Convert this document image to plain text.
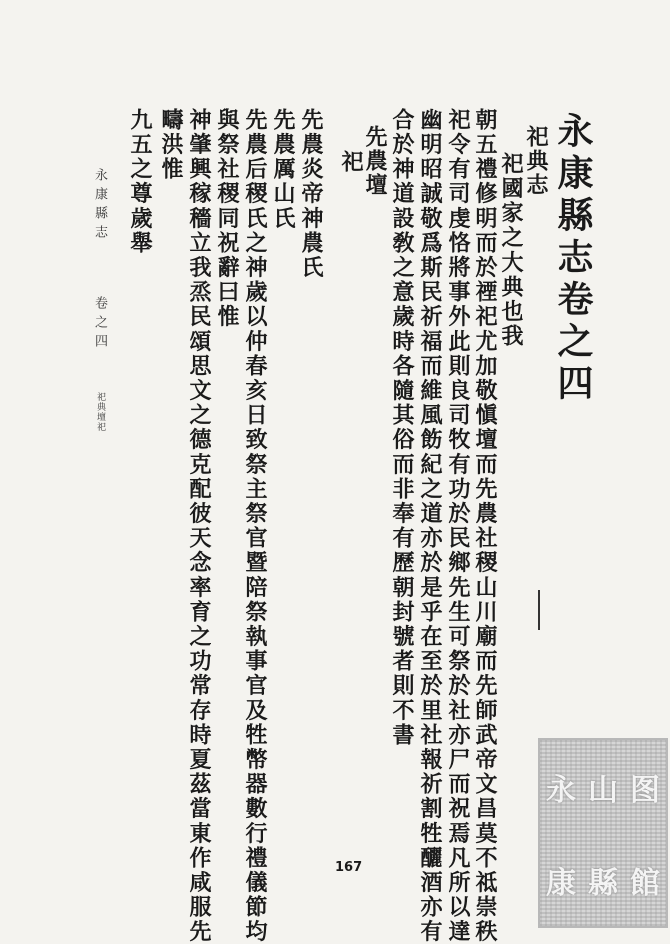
永康縣志卷之四
祀典志
祀國家之大典也我
朝五禮修明而於禋祀尤加敬愼壇而先農社稷山川廟而先師武帝文昌莫不祗崇秩
祀令有司虔恪將事外此則良司牧有功於民鄉先生可祭於社亦尸而祝焉凡所以達
幽明昭誠敬爲斯民祈福而維風飭紀之道亦於是乎在至於里社報祈割牲釃酒亦有
合於神道設敎之意歲時各隨其俗而非奉有歷朝封號者則不書
祀
先農壇
先農炎帝神農氏
先農厲山氏
先農后稷氏之神歲以仲春亥日致祭主祭官暨陪祭執事官及牲幣器數行禮儀節均
與祭社稷同祝辭曰惟
神肇興稼穡立我烝民頌思文之德克配彼天念率育之功常存時夏茲當東作咸服先
疇洪惟
九五之尊歲舉
永康縣志
卷之四
祀典壇祀
167
永 山 图
康 縣 館
